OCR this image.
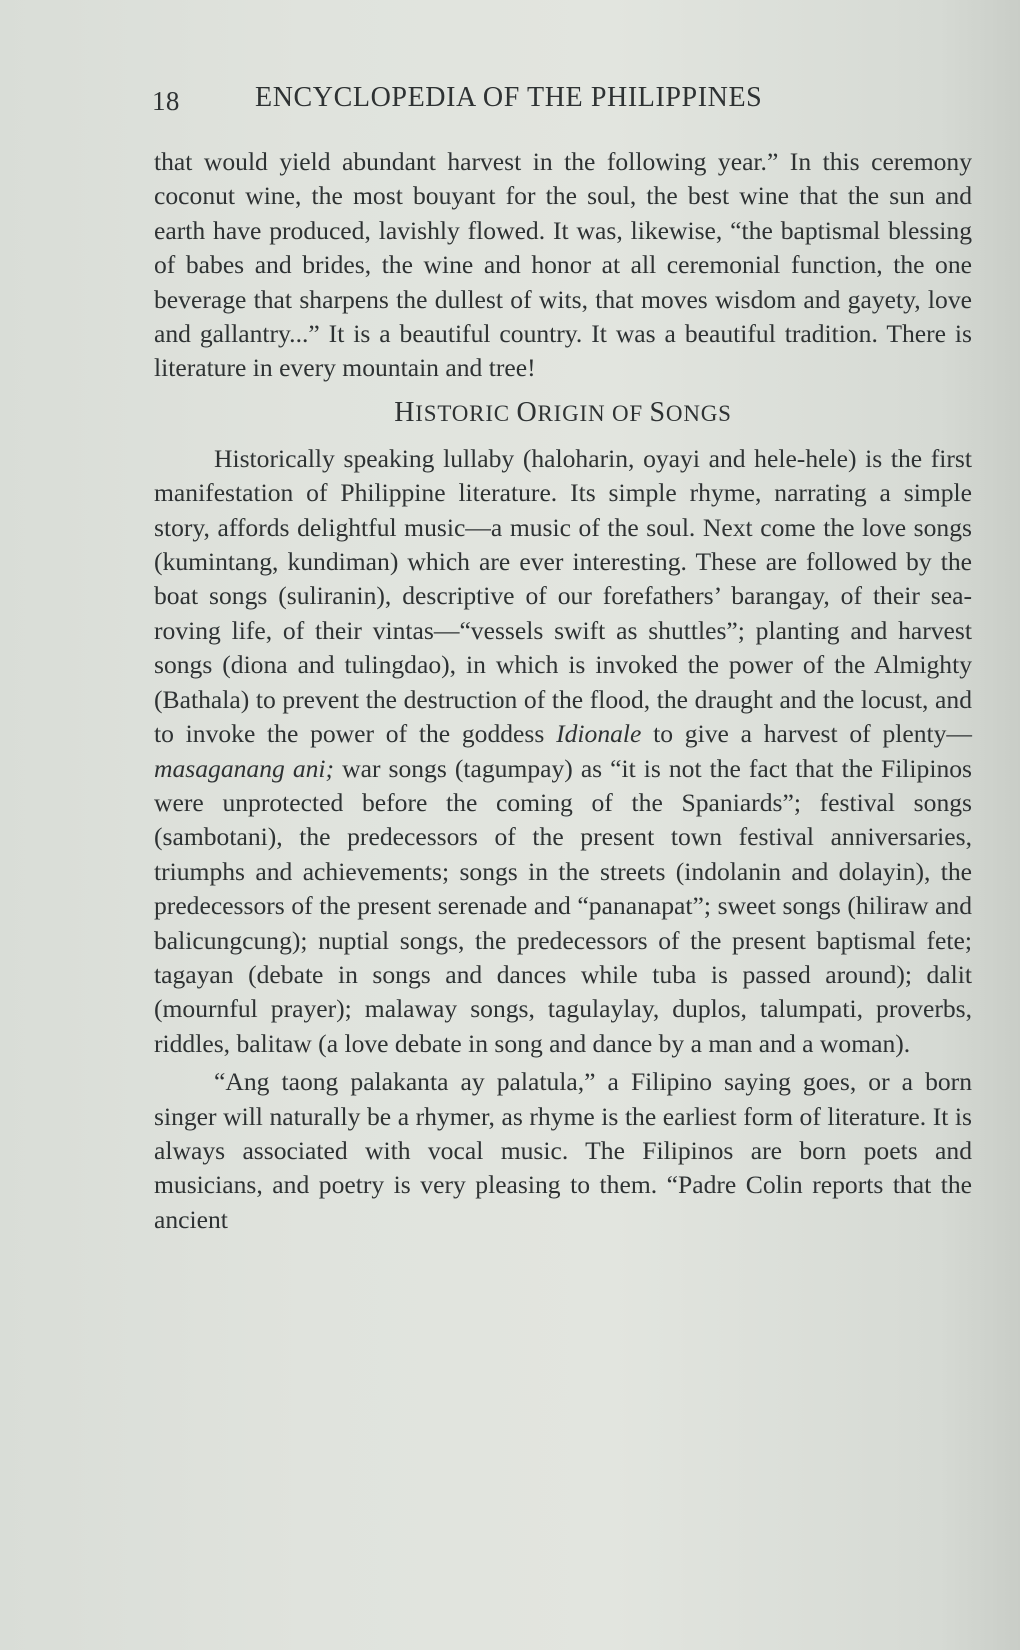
18	ENCYCLOPEDIA OF THE PHILIPPINES

that would yield abundant harvest in the following year.” In this ceremony coconut wine, the most bouyant for the soul, the best wine that the sun and earth have produced, lavishly flowed. It was, likewise, “the baptismal blessing of babes and brides, the wine and honor at all ceremonial function, the one beverage that sharpens the dullest of wits, that moves wisdom and gayety, love and gallantry...” It is a beautiful country. It was a beautiful tradition. There is literature in every mountain and tree!

HISTORIC ORIGIN OF SONGS

Historically speaking lullaby (haloharin, oyayi and hele-hele) is the first manifestation of Philippine literature. Its simple rhyme, narrating a simple story, affords delightful music—a music of the soul. Next come the love songs (kumintang, kundiman) which are ever interesting. These are followed by the boat songs (suliranin), descriptive of our forefathers’ barangay, of their sea-roving life, of their vintas—“vessels swift as shuttles”; planting and harvest songs (diona and tulingdao), in which is invoked the power of the Almighty (Bathala) to prevent the destruction of the flood, the draught and the locust, and to invoke the power of the goddess Idionale to give a harvest of plenty—masaganang ani; war songs (tagumpay) as “it is not the fact that the Filipinos were unprotected before the coming of the Spaniards”; festival songs (sambotani), the predecessors of the present town festival anniversaries, triumphs and achievements; songs in the streets (indolanin and dolayin), the predecessors of the present serenade and “pananapat”; sweet songs (hiliraw and balicungcung); nuptial songs, the predecessors of the present baptismal fete; tagayan (debate in songs and dances while tuba is passed around); dalit (mournful prayer); malaway songs, tagulaylay, duplos, talumpati, proverbs, riddles, balitaw (a love debate in song and dance by a man and a woman).

“Ang taong palakanta ay palatula,” a Filipino saying goes, or a born singer will naturally be a rhymer, as rhyme is the earliest form of literature. It is always associated with vocal music. The Filipinos are born poets and musicians, and poetry is very pleasing to them. “Padre Colin reports that the ancient
